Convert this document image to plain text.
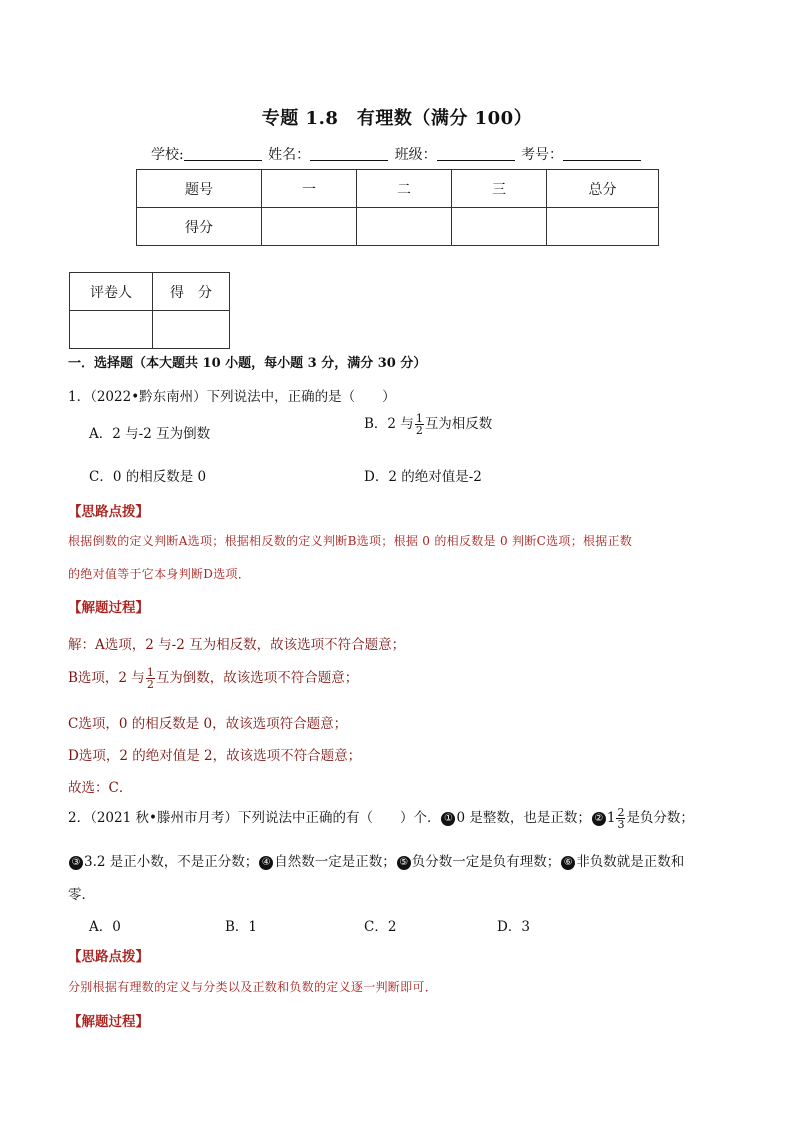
专题 1.8　有理数（满分 100）
学校:	姓名：	班级：	考号：
题号	一	二	三	总分
得分				
评卷人	得　分

一．选择题（本大题共 10 小题，每小题 3 分，满分 30 分）
1．（2022•黔东南州）下列说法中，正确的是（　　）
A．2 与-2 互为倒数
B．2 与 $\frac{1}{2}$ 互为相反数
C．0 的相反数是 0	D．2 的绝对值是-2
【思路点拨】
根据倒数的定义判断A选项；根据相反数的定义判断B选项；根据 0 的相反数是 0 判断C选项；根据正数
的绝对值等于它本身判断D选项．
【解题过程】
解：A选项，2 与-2 互为相反数，故该选项不符合题意；
B选项，2 与 $\frac{1}{2}$ 互为倒数，故该选项不符合题意；
C选项，0 的相反数是 0，故该选项符合题意；
D选项，2 的绝对值是 2，故该选项不符合题意；
故选：C．
2．（2021 秋•滕州市月考）下列说法中正确的有（　　）个． ① 0 是整数，也是正数； ② $1 \frac{2}{3}$ 是负分数；
③ 3.2 是正小数，不是正分数； ④ 自然数一定是正数； ⑤ 负分数一定是负有理数； ⑥ 非负数就是正数和
零．
A．0	B．1	C．2	D．3
【思路点拨】
分别根据有理数的定义与分类以及正数和负数的定义逐一判断即可．
【解题过程】
